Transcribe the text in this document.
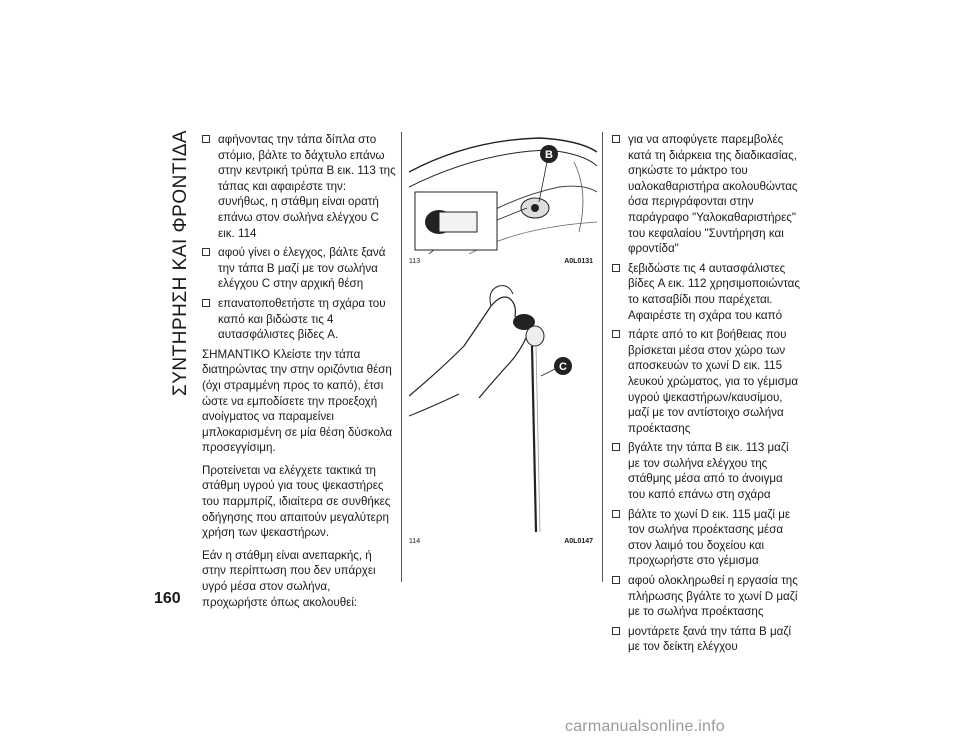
ΣΥΝΤΗΡΗΣΗ ΚΑΙ ΦΡΟΝΤΙΔΑ
160
αφήνοντας την τάπα δίπλα στο στόμιο, βάλτε το δάχτυλο επάνω στην κεντρική τρύπα B εικ. 113 της τάπας και αφαιρέστε την: συνήθως, η στάθμη είναι ορατή επάνω στον σωλήνα ελέγχου C εικ. 114
αφού γίνει ο έλεγχος, βάλτε ξανά την τάπα B μαζί με τον σωλήνα ελέγχου C στην αρχική θέση
επανατοποθετήστε τη σχάρα του καπό και βιδώστε τις 4 αυτασφάλιστες βίδες A.

ΣΗΜΑΝΤΙΚΟ Κλείστε την τάπα διατηρώντας την στην οριζόντια θέση (όχι στραμμένη προς το καπό), έτσι ώστε να εμποδίσετε την προεξοχή ανοίγματος να παραμείνει μπλοκαρισμένη σε μία θέση δύσκολα προσεγγίσιμη.

Προτείνεται να ελέγχετε τακτικά τη στάθμη υγρού για τους ψεκαστήρες του παρμπρίζ, ιδιαίτερα σε συνθήκες οδήγησης που απαιτούν μεγαλύτερη χρήση των ψεκαστήρων.

Εάν η στάθμη είναι ανεπαρκής, ή στην περίπτωση που δεν υπάρχει υγρό μέσα στον σωλήνα, προχωρήστε όπως ακολουθεί:

B
113	A0L0131
C
114	A0L0147
για να αποφύγετε παρεμβολές κατά τη διάρκεια της διαδικασίας, σηκώστε το μάκτρο του υαλοκαθαριστήρα ακολουθώντας όσα περιγράφονται στην παράγραφο "Υαλοκαθαριστήρες" του κεφαλαίου "Συντήρηση και φροντίδα"
ξεβιδώστε τις 4 αυτασφάλιστες βίδες A εικ. 112 χρησιμοποιώντας το κατσαβίδι που παρέχεται. Αφαιρέστε τη σχάρα του καπό
πάρτε από το κιτ βοήθειας που βρίσκεται μέσα στον χώρο των αποσκευών το χωνί D εικ. 115 λευκού χρώματος, για το γέμισμα υγρού ψεκαστήρων/καυσίμου, μαζί με τον αντίστοιχο σωλήνα προέκτασης
βγάλτε την τάπα B εικ. 113 μαζί με τον σωλήνα ελέγχου της στάθμης μέσα από το άνοιγμα του καπό επάνω στη σχάρα
βάλτε το χωνί D εικ. 115 μαζί με τον σωλήνα προέκτασης μέσα στον λαιμό του δοχείου και προχωρήστε στο γέμισμα
αφού ολοκληρωθεί η εργασία της πλήρωσης βγάλτε το χωνί D μαζί με το σωλήνα προέκτασης
μοντάρετε ξανά την τάπα B μαζί με τον δείκτη ελέγχου
carmanualsonline.info
